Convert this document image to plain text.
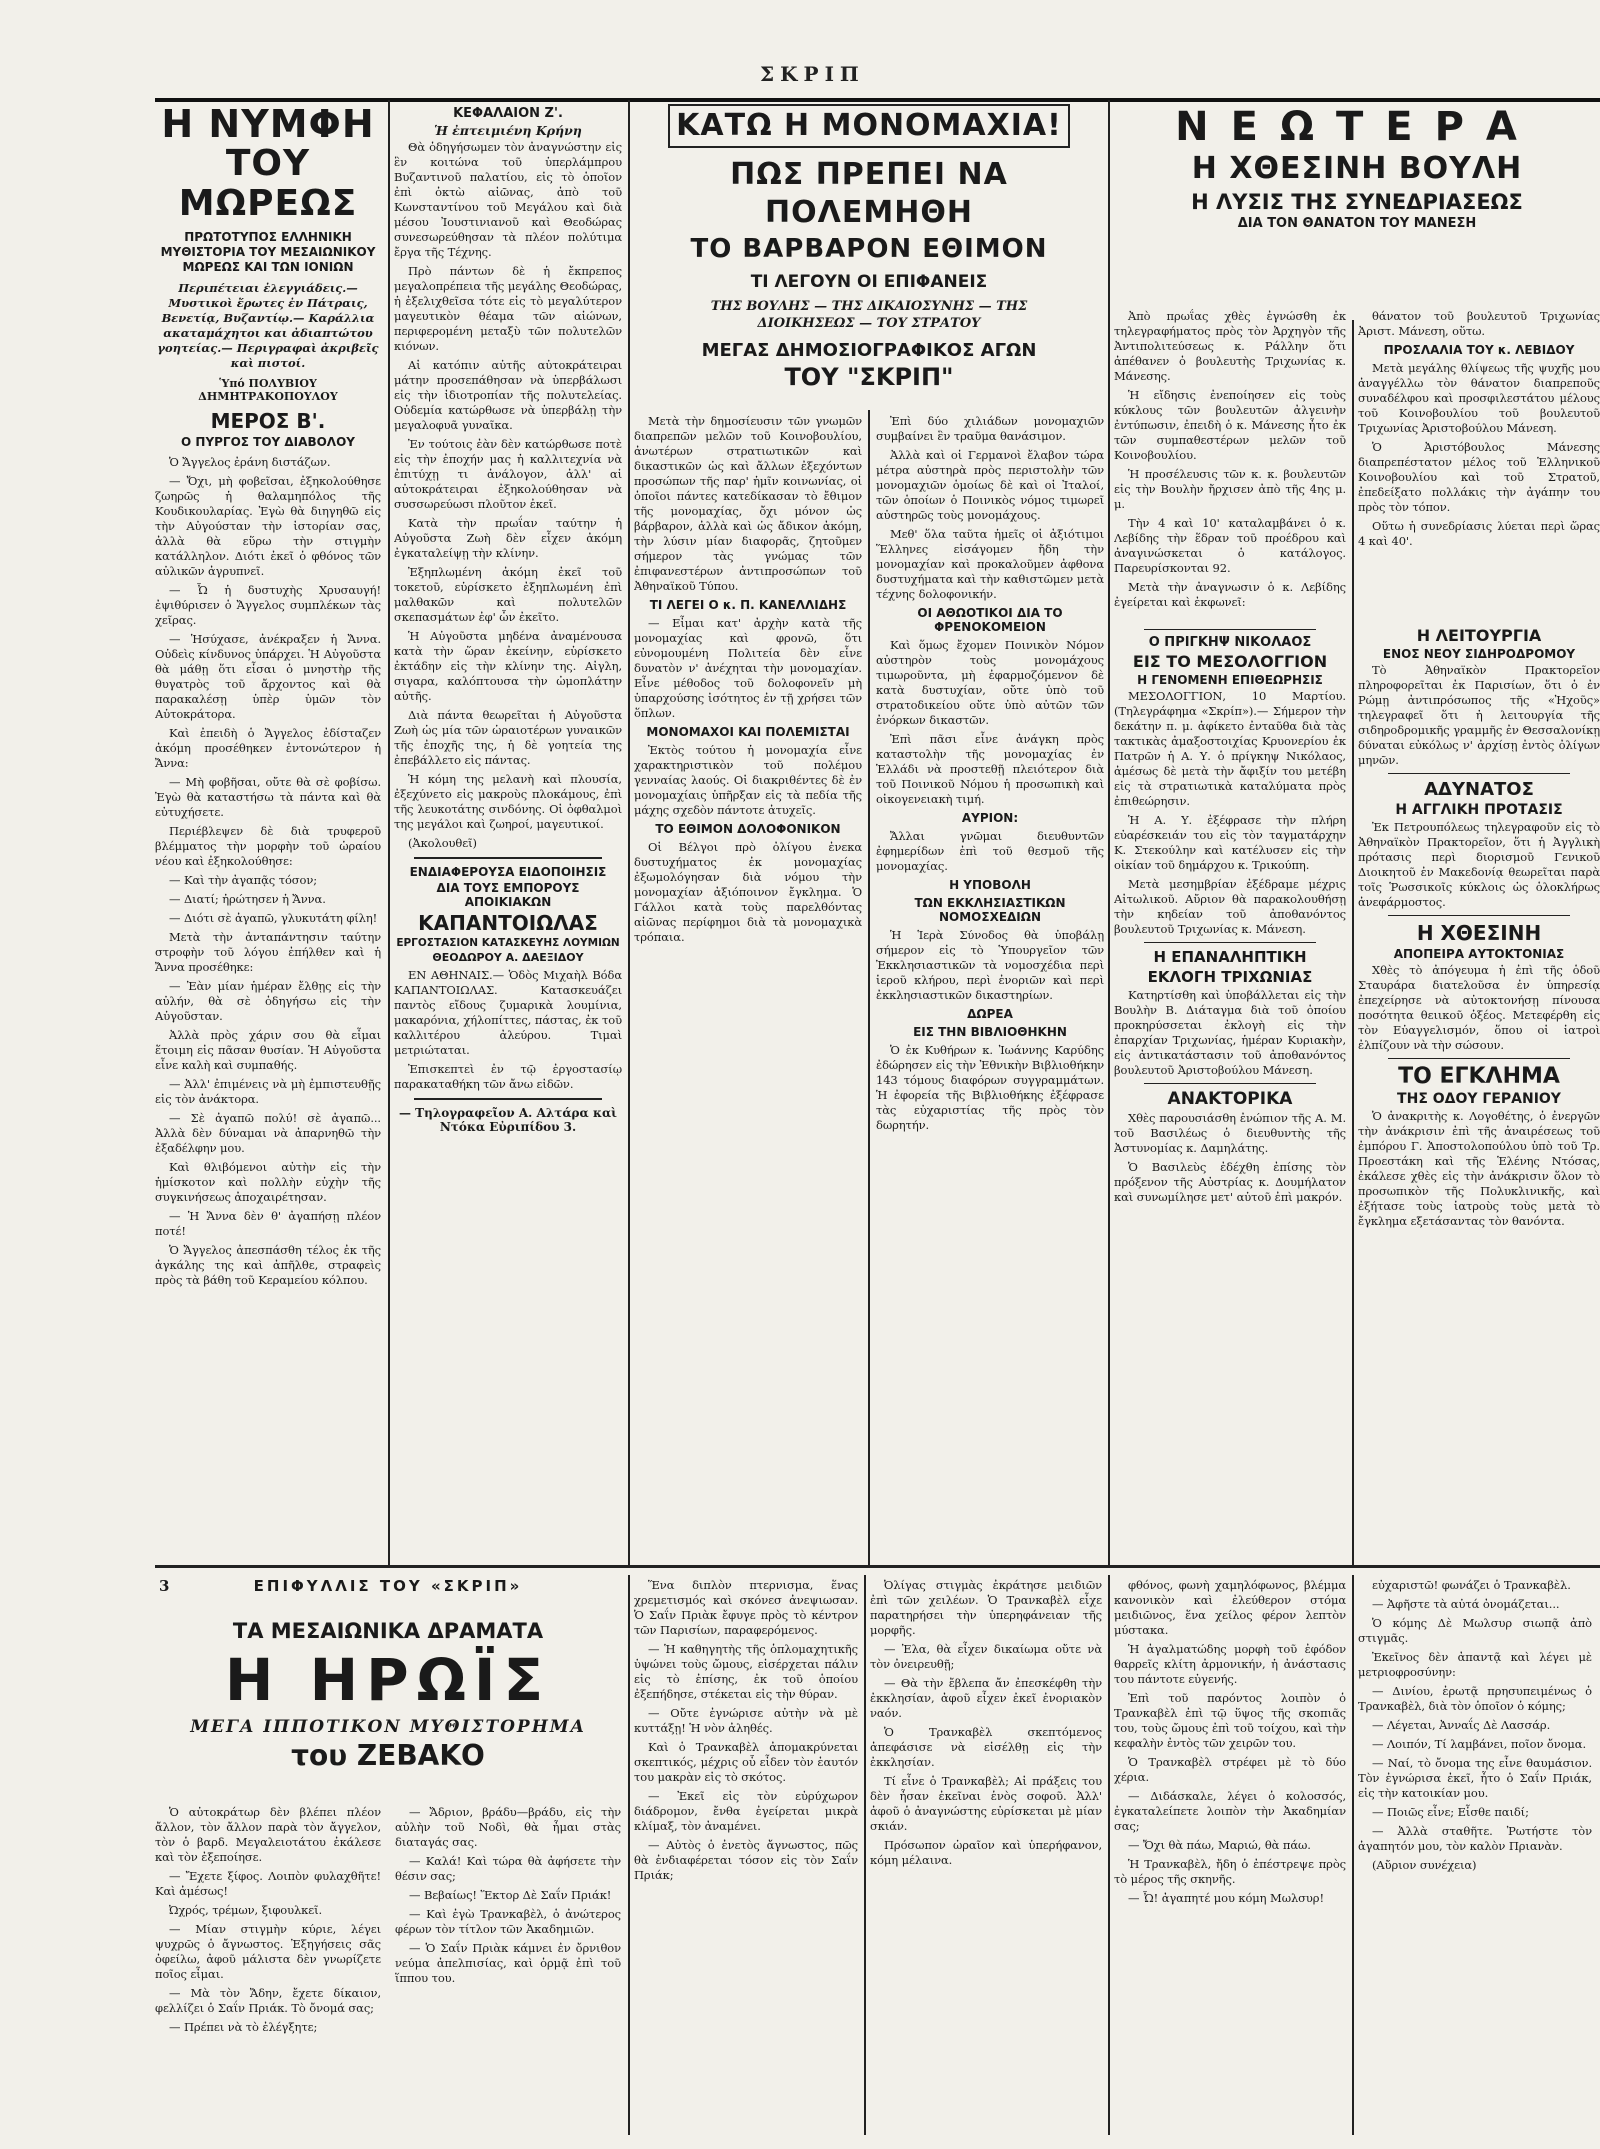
ΣΚΡΙΠ
Η ΝΥΜΦΗ
ΤΟΥ ΜΩΡΕΩΣ
ΠΡΩΤΟΤΥΠΟΣ ΕΛΛΗΝΙΚΗ ΜΥΘΙΣΤΟΡΙΑ ΤΟΥ ΜΕΣΑΙΩΝΙΚΟΥ ΜΩΡΕΩΣ ΚΑΙ ΤΩΝ ΙΟΝΙΩΝ
Περιπέτειαι ἐλεγγιάδεις.— Μυστικοὶ ἔρωτες ἐν Πάτραις, Βενετίᾳ, Βυζαντίῳ.— Καράλλια ακαταμάχητοι και ἀδιαπτώτου γοητείας.— Περιγραφαὶ ἀκριβεῖς καὶ πιστοί.
Ὑπό ΠΟΛΥΒΙΟΥ ΔΗΜΗΤΡΑΚΟΠΟΥΛΟΥ
ΜΕΡΟΣ Β'.
Ο ΠΥΡΓΟΣ ΤΟΥ ΔΙΑΒΟΛΟΥ

Ὁ Ἄγγελος ἐράνη διστάζων.

— Ὄχι, μὴ φοβεῖσαι, ἐξηκολούθησε ζωηρῶς ἡ θαλαμηπόλος τῆς Κουδικουλαρίας. Ἐγὼ θὰ διηγηθῶ εἰς τὴν Αὐγούσταν τὴν ἱστορίαν σας, ἀλλὰ θὰ εὕρω τὴν στιγμὴν κατάλληλον. Διότι ἐκεῖ ὁ φθόνος τῶν αὐλικῶν ἀγρυπνεῖ.

— Ὦ ἡ δυστυχὴς Χρυσαυγή! ἐψιθύρισεν ὁ Ἄγγελος συμπλέκων τὰς χεῖρας.

— Ἡσύχασε, ἀνέκραξεν ἡ Ἄννα. Οὐδεὶς κίνδυνος ὑπάρχει. Ἡ Αὐγοῦστα θὰ μάθῃ ὅτι εἶσαι ὁ μνηστὴρ τῆς θυγατρὸς τοῦ ἄρχοντος καὶ θὰ παρακαλέσῃ ὑπὲρ ὑμῶν τὸν Αὐτοκράτορα.

Καὶ ἐπειδὴ ὁ Ἄγγελος ἐδίσταζεν ἀκόμη προσέθηκεν ἐντονώτερον ἡ Ἄννα:

— Μὴ φοβῆσαι, οὔτε θὰ σὲ φοβίσω. Ἐγὼ θὰ καταστήσω τὰ πάντα καὶ θὰ εὐτυχήσετε.

Περιέβλεψεν δὲ διὰ τρυφεροῦ βλέμματος τὴν μορφὴν τοῦ ὡραίου νέου καὶ ἐξηκολούθησε:

— Καὶ τὴν ἀγαπᾷς τόσον;

— Διατί; ἠρώτησεν ἡ Ἄννα.

— Διότι σὲ ἀγαπῶ, γλυκυτάτη φίλη!

Μετὰ τὴν ἀνταπάντησιν ταύτην στροφὴν τοῦ λόγου ἐπήλθεν καὶ ἡ Ἄννα προσέθηκε:

— Ἐὰν μίαν ἡμέραν ἔλθῃς εἰς τὴν αὐλήν, θὰ σὲ ὁδηγήσω εἰς τὴν Αὐγοῦσταν.

Ἀλλὰ πρὸς χάριν σου θὰ εἶμαι ἕτοιμη εἰς πᾶσαν θυσίαν. Ἡ Αὐγοῦστα εἶνε καλὴ καὶ συμπαθής.

— Ἀλλ' ἐπιμένεις νὰ μὴ ἐμπιστευθῇς εἰς τὸν ἀνάκτορα.

— Σὲ ἀγαπῶ πολύ! σὲ ἀγαπῶ... Ἀλλὰ δὲν δύναμαι νὰ ἀπαρνηθῶ τὴν ἐξαδέλφην μου.

Καὶ θλιβόμενοι αὐτὴν εἰς τὴν ἡμίσκοτον καὶ πολλὴν εὐχὴν τῆς συγκινήσεως ἀποχαιρέτησαν.

— Ἡ Ἄννα δὲν θ' ἀγαπήσῃ πλέον ποτέ!

Ὁ Ἄγγελος ἀπεσπάσθη τέλος ἐκ τῆς ἀγκάλης της καὶ ἀπῆλθε, στραφεὶς πρὸς τὰ βάθη τοῦ Κεραμείου κόλπου.

ΚΕΦΑΛΑΙΟΝ Ζ'.
Ἡ ἐπτειμιένη Κρήνη

Θὰ ὁδηγήσωμεν τὸν ἀναγνώστην εἰς ἓν κοιτώνα τοῦ ὑπερλάμπρου Βυζαντινοῦ παλατίου, εἰς τὸ ὁποῖον ἐπὶ ὀκτὼ αἰῶνας, ἀπὸ τοῦ Κωνσταντίνου τοῦ Μεγάλου καὶ διὰ μέσου Ἰουστινιανοῦ καὶ Θεοδώρας συνεσωρεύθησαν τὰ πλέον πολύτιμα ἔργα τῆς Τέχνης.

Πρὸ πάντων δὲ ἡ ἔκπρεπος μεγαλοπρέπεια τῆς μεγάλης Θεοδώρας, ἡ ἐξελιχθεῖσα τότε εἰς τὸ μεγαλύτερον μαγευτικὸν θέαμα τῶν αἰώνων, περιφερομένη μεταξὺ τῶν πολυτελῶν κιόνων.

Αἱ κατόπιν αὐτῆς αὐτοκράτειραι μάτην προσεπάθησαν νὰ ὑπερβάλωσι εἰς τὴν ἰδιοτροπίαν τῆς πολυτελείας. Οὐδεμία κατώρθωσε νὰ ὑπερβάλῃ τὴν μεγαλοφυᾶ γυναῖκα.

Ἐν τούτοις ἐὰν δὲν κατώρθωσε ποτὲ εἰς τὴν ἐποχήν μας ἡ καλλιτεχνία νὰ ἐπιτύχῃ τι ἀνάλογον, ἀλλ' αἱ αὐτοκράτειραι ἐξηκολούθησαν νὰ συσσωρεύωσι πλοῦτον ἐκεῖ.

Κατὰ τὴν πρωΐαν ταύτην ἡ Αὐγοῦστα Ζωὴ δὲν εἶχεν ἀκόμη ἐγκαταλείψῃ τὴν κλίνην.

Ἐξηπλωμένη ἀκόμη ἐκεῖ τοῦ τοκετοῦ, εὑρίσκετο ἐξηπλωμένη ἐπὶ μαλθακῶν καὶ πολυτελῶν σκεπασμάτων ἐφ' ὧν ἐκεῖτο.

Ἡ Αὐγοῦστα μηδένα ἀναμένουσα κατὰ τὴν ὥραν ἐκείνην, εὑρίσκετο ἐκτάδην εἰς τὴν κλίνην της. Αἰγλη, σιγαρα, καλόπτουσα τὴν ὠμοπλάτην αὐτῆς.

Διὰ πάντα θεωρεῖται ἡ Αὐγοῦστα Ζωὴ ὡς μία τῶν ὡραιοτέρων γυναικῶν τῆς ἐποχῆς της, ἡ δὲ γοητεία της ἐπεβάλλετο εἰς πάντας.

Ἡ κόμη της μελανὴ καὶ πλουσία, ἐξεχύνετο εἰς μακροὺς πλοκάμους, ἐπὶ τῆς λευκοτάτης σινδόνης. Οἱ ὀφθαλμοὶ της μεγάλοι καὶ ζωηροί, μαγευτικοί.

(Ἀκολουθεῖ)

ΕΝΔΙΑΦΕΡΟΥΣΑ ΕΙΔΟΠΟΙΗΣΙΣ
ΔΙΑ ΤΟΥΣ ΕΜΠΟΡΟΥΣ ΑΠΟΙΚΙΑΚΩΝ
ΚΑΠΑΝΤΟΙΩΛΑΣ
ΕΡΓΟΣΤΑΣΙΟΝ ΚΑΤΑΣΚΕΥΗΣ ΛΟΥΜΙΩΝ
ΘΕΟΔΩΡΟΥ Α. ΔΑΕΞΙΔΟΥ

ΕΝ ΑΘΗΝΑΙΣ.— Ὁδὸς Μιχαὴλ Βόδα ΚΑΠΑΝΤΟΙΩΛΑΣ. Κατασκευάζει παντὸς εἴδους ζυμαρικὰ λουμίνια, μακαρόνια, χήλοπίττες, πάστας, ἐκ τοῦ καλλιτέρου ἀλεύρου. Τιμαὶ μετριώταται.

Ἐπισκεπτεὶ ἐν τῷ ἐργοστασίῳ παρακαταθήκη τῶν ἄνω εἰδῶν.

— Τηλογραφεῖον Α. Αλτάρα καὶ Ντόκα Εὐριπίδου 3.
ΚΑΤΩ Η ΜΟΝΟΜΑΧΙΑ!
ΠΩΣ ΠΡΕΠΕΙ ΝΑ ΠΟΛΕΜΗΘΗ
ΤΟ ΒΑΡΒΑΡΟΝ ΕΘΙΜΟΝ
ΤΙ ΛΕΓΟΥΝ ΟΙ ΕΠΙΦΑΝΕΙΣ
ΤΗΣ ΒΟΥΛΗΣ — ΤΗΣ ΔΙΚΑΙΟΣΥΝΗΣ — ΤΗΣ ΔΙΟΙΚΗΣΕΩΣ — ΤΟΥ ΣΤΡΑΤΟΥ
ΜΕΓΑΣ ΔΗΜΟΣΙΟΓΡΑΦΙΚΟΣ ΑΓΩΝ
ΤΟΥ "ΣΚΡΙΠ"

Μετὰ τὴν δημοσίευσιν τῶν γνωμῶν διαπρεπῶν μελῶν τοῦ Κοινοβουλίου, ἀνωτέρων στρατιωτικῶν καὶ δικαστικῶν ὡς καὶ ἄλλων ἐξεχόντων προσώπων τῆς παρ' ἡμῖν κοινωνίας, οἱ ὁποῖοι πάντες κατεδίκασαν τὸ ἔθιμον τῆς μονομαχίας, ὄχι μόνον ὡς βάρβαρον, ἀλλὰ καὶ ὡς ἄδικον ἀκόμη, τὴν λύσιν μίαν διαφορᾶς, ζητοῦμεν σήμερον τὰς γνώμας τῶν ἐπιφανεστέρων ἀντιπροσώπων τοῦ Ἀθηναϊκοῦ Τύπου.

ΤΙ ΛΕΓΕΙ Ο κ. Π. ΚΑΝΕΛΛΙΔΗΣ

— Εἶμαι κατ' ἀρχὴν κατὰ τῆς μονομαχίας καὶ φρονῶ, ὅτι εὐνομουμένη Πολιτεία δὲν εἶνε δυνατὸν ν' ἀνέχηται τὴν μονομαχίαν. Εἶνε μέθοδος τοῦ δολοφονεῖν μὴ ὑπαρχούσης ἰσότητος ἐν τῇ χρήσει τῶν ὅπλων.

ΜΟΝΟΜΑΧΟΙ ΚΑΙ ΠΟΛΕΜΙΣΤΑΙ

Ἐκτὸς τούτου ἡ μονομαχία εἶνε χαρακτηριστικὸν τοῦ πολέμου γενναίας λαούς. Οἱ διακριθέντες δὲ ἐν μονομαχίαις ὑπῆρξαν εἰς τὰ πεδία τῆς μάχης σχεδὸν πάντοτε ἀτυχεῖς.

ΤΟ ΕΘΙΜΟΝ ΔΟΛΟΦΟΝΙΚΟΝ

Οἱ Βέλγοι πρὸ ὀλίγου ἐνεκα δυστυχήματος ἐκ μονομαχίας ἐξωμολόγησαν διὰ νόμου τὴν μονομαχίαν ἀξιόποινον ἔγκλημα. Ὁ Γάλλοι κατὰ τοὺς παρελθόντας αἰῶνας περίφημοι διὰ τὰ μονομαχικὰ τρόπαια.

Ἐπὶ δύο χιλιάδων μονομαχιῶν συμβαίνει ἓν τραῦμα θανάσιμον.

Ἀλλὰ καὶ οἱ Γερμανοὶ ἔλαβον τώρα μέτρα αὐστηρὰ πρὸς περιστολὴν τῶν μονομαχιῶν ὁμοίως δὲ καὶ οἱ Ἰταλοί, τῶν ὁποίων ὁ Ποινικὸς νόμος τιμωρεῖ αὐστηρῶς τοὺς μονομάχους.

Μεθ' ὅλα ταῦτα ἡμεῖς οἱ ἀξιότιμοι Ἕλληνες εἰσάγομεν ἤδη τὴν μονομαχίαν καὶ προκαλοῦμεν ἀφθονα δυστυχήματα καὶ τὴν καθιστῶμεν μετὰ τέχνης δολοφονικήν.

ΟΙ ΑΘΩΟΤΙΚΟΙ ΔΙΑ ΤΟ ΦΡΕΝΟΚΟΜΕΙΟΝ

Καὶ ὅμως ἔχομεν Ποινικὸν Νόμον αὐστηρὸν τοὺς μονομάχους τιμωροῦντα, μὴ ἐφαρμοζόμενον δὲ κατὰ δυστυχίαν, οὔτε ὑπὸ τοῦ στρατοδικείου οὔτε ὑπὸ αὐτῶν τῶν ἐνόρκων δικαστῶν.

Ἐπὶ πᾶσι εἶνε ἀνάγκη πρὸς καταστολὴν τῆς μονομαχίας ἐν Ἑλλάδι νὰ προστεθῇ πλειότερον διὰ τοῦ Ποινικοῦ Νόμου ἡ προσωπικὴ καὶ οἰκογενειακὴ τιμή.

ΑΥΡΙΟΝ:

Ἄλλαι γνῶμαι διευθυντῶν ἐφημερίδων ἐπὶ τοῦ θεσμοῦ τῆς μονομαχίας.

Η ΥΠΟΒΟΛΗ
ΤΩΝ ΕΚΚΛΗΣΙΑΣΤΙΚΩΝ ΝΟΜΟΣΧΕΔΙΩΝ

Ἡ Ἱερὰ Σύνοδος θὰ ὑποβάλῃ σήμερον εἰς τὸ Ὑπουργεῖον τῶν Ἐκκλησιαστικῶν τὰ νομοσχέδια περὶ ἱεροῦ κλήρου, περὶ ἐνοριῶν καὶ περὶ ἐκκλησιαστικῶν δικαστηρίων.

ΔΩΡΕΑ
ΕΙΣ ΤΗΝ ΒΙΒΛΙΟΘΗΚΗΝ

Ὁ ἐκ Κυθήρων κ. Ἰωάννης Καρύδης ἐδώρησεν εἰς τὴν Ἐθνικὴν Βιβλιοθήκην 143 τόμους διαφόρων συγγραμμάτων. Ἡ ἐφορεία τῆς Βιβλιοθήκης ἐξέφρασε τὰς εὐχαριστίας τῆς πρὸς τὸν δωρητήν.

ΝΕΩΤΕΡΑ
Η ΧΘΕΣΙΝΗ ΒΟΥΛΗ
Η ΛΥΣΙΣ ΤΗΣ ΣΥΝΕΔΡΙΑΣΕΩΣ
ΔΙΑ ΤΟΝ ΘΑΝΑΤΟΝ ΤΟΥ ΜΑΝΕΣΗ

Ἀπὸ πρωΐας χθὲς ἐγνώσθη ἐκ τηλεγραφήματος πρὸς τὸν Ἀρχηγὸν τῆς Ἀντιπολιτεύσεως κ. Ράλλην ὅτι ἀπέθανεν ὁ βουλευτὴς Τριχωνίας κ. Μάνεσης.

Ἡ εἴδησις ἐνεποίησεν εἰς τοὺς κύκλους τῶν βουλευτῶν ἀλγεινὴν ἐντύπωσιν, ἐπειδὴ ὁ κ. Μάνεσης ἦτο ἐκ τῶν συμπαθεστέρων μελῶν τοῦ Κοινοβουλίου.

Ἡ προσέλευσις τῶν κ. κ. βουλευτῶν εἰς τὴν Βουλὴν ἤρχισεν ἀπὸ τῆς 4ης μ. μ.

Τὴν 4 καὶ 10' καταλαμβάνει ὁ κ. Λεβίδης τὴν ἕδραν τοῦ προέδρου καὶ ἀναγινώσκεται ὁ κατάλογος. Παρευρίσκονται 92.

Μετὰ τὴν ἀναγνωσιν ὁ κ. Λεβίδης ἐγείρεται καὶ ἐκφωνεῖ:

θάνατον τοῦ βουλευτοῦ Τριχωνίας Ἀριστ. Μάνεση, οὕτω.

ΠΡΟΣΛΑΛΙΑ ΤΟΥ κ. ΛΕΒΙΔΟΥ

Μετὰ μεγάλης θλίψεως τῆς ψυχῆς μου ἀναγγέλλω τὸν θάνατον διαπρεποῦς συναδέλφου καὶ προσφιλεστάτου μέλους τοῦ Κοινοβουλίου τοῦ βουλευτοῦ Τριχωνίας Ἀριστοβούλου Μάνεση.

Ὁ Ἀριστόβουλος Μάνεσης διαπρεπέστατον μέλος τοῦ Ἑλληνικοῦ Κοινοβουλίου καὶ τοῦ Στρατοῦ, ἐπεδείξατο πολλάκις τὴν ἀγάπην του πρὸς τὸν τόπον.

Οὕτω ἡ συνεδρίασις λύεται περὶ ὥρας 4 καὶ 40'.

Ο ΠΡΙΓΚΗΨ ΝΙΚΟΛΑΟΣ
ΕΙΣ ΤΟ ΜΕΣΟΛΟΓΓΙΟΝ
Η ΓΕΝΟΜΕΝΗ ΕΠΙΘΕΩΡΗΣΙΣ

ΜΕΣΟΛΟΓΓΙΟΝ, 10 Μαρτίου. (Τηλεγράφημα «Σκρίπ»).— Σήμερον τὴν δεκάτην π. μ. ἀφίκετο ἐνταῦθα διὰ τὰς τακτικὰς ἀμαξοστοιχίας Κρυονερίου ἐκ Πατρῶν ἡ Α. Υ. ὁ πρίγκηψ Νικόλαος, ἀμέσως δὲ μετὰ τὴν ἄφιξίν του μετέβη εἰς τὰ στρατιωτικὰ καταλύματα πρὸς ἐπιθεώρησιν.

Ἡ Α. Υ. ἐξέφρασε τὴν πλήρη εὐαρέσκειάν του εἰς τὸν ταγματάρχην Κ. Στεκούλην καὶ κατέλυσεν εἰς τὴν οἰκίαν τοῦ δημάρχου κ. Τρικούπη.

Μετὰ μεσημβρίαν ἐξέδραμε μέχρις Αἰτωλικοῦ. Αὔριον θὰ παρακολουθήσῃ τὴν κηδείαν τοῦ ἀποθανόντος βουλευτοῦ Τριχωνίας κ. Μάνεση.

Η ΕΠΑΝΑΛΗΠΤΙΚΗ
ΕΚΛΟΓΗ ΤΡΙΧΩΝΙΑΣ

Κατηρτίσθη καὶ ὑποβάλλεται εἰς τὴν Βουλὴν Β. Διάταγμα διὰ τοῦ ὁποίου προκηρύσσεται ἐκλογὴ εἰς τὴν ἐπαρχίαν Τριχωνίας, ἡμέραν Κυριακὴν, εἰς ἀντικατάστασιν τοῦ ἀποθανόντος βουλευτοῦ Ἀριστοβούλου Μάνεση.

ΑΝΑΚΤΟΡΙΚΑ

Χθὲς παρουσιάσθη ἐνώπιον τῆς Α. Μ. τοῦ Βασιλέως ὁ διευθυντὴς τῆς Ἀστυνομίας κ. Δαμηλάτης.

Ὁ Βασιλεὺς ἐδέχθη ἐπίσης τὸν πρόξενον τῆς Αὐστρίας κ. Δουμήλατον καὶ συνωμίλησε μετ' αὐτοῦ ἐπὶ μακρόν.

Η ΛΕΙΤΟΥΡΓΙΑ
ΕΝΟΣ ΝΕΟΥ ΣΙΔΗΡΟΔΡΟΜΟΥ

Τὸ Ἀθηναϊκὸν Πρακτορεῖον πληροφορεῖται ἐκ Παρισίων, ὅτι ὁ ἐν Ρώμῃ ἀντιπρόσωπος τῆς «Ἠχοῦς» τηλεγραφεῖ ὅτι ἡ λειτουργία τῆς σιδηροδρομικῆς γραμμῆς ἐν Θεσσαλονίκῃ δύναται εὐκόλως ν' ἀρχίσῃ ἐντὸς ὀλίγων μηνῶν.

ΑΔΥΝΑΤΟΣ
Η ΑΓΓΛΙΚΗ ΠΡΟΤΑΣΙΣ

Ἐκ Πετρουπόλεως τηλεγραφοῦν εἰς τὸ Ἀθηναϊκὸν Πρακτορεῖον, ὅτι ἡ Ἀγγλικὴ πρότασις περὶ διορισμοῦ Γενικοῦ Διοικητοῦ ἐν Μακεδονίᾳ θεωρεῖται παρὰ τοῖς Ῥωσσικοῖς κύκλοις ὡς ὁλοκλήρως ἀνεφάρμοστος.

Η ΧΘΕΣΙΝΗ
ΑΠΟΠΕΙΡΑ ΑΥΤΟΚΤΟΝΙΑΣ

Χθὲς τὸ ἀπόγευμα ἡ ἐπὶ τῆς ὁδοῦ Σταυράρα διατελοῦσα ἐν ὑπηρεσίᾳ ἐπεχείρησε νὰ αὐτοκτονήσῃ πίνουσα ποσότητα θειικοῦ ὀξέος. Μετεφέρθη εἰς τὸν Εὐαγγελισμόν, ὅπου οἱ ἰατροὶ ἐλπίζουν νὰ τὴν σώσουν.

ΤΟ ΕΓΚΛΗΜΑ
ΤΗΣ ΟΔΟΥ ΓΕΡΑΝΙΟΥ

Ὁ ἀνακριτὴς κ. Λογοθέτης, ὁ ἐνεργῶν τὴν ἀνάκρισιν ἐπὶ τῆς ἀναιρέσεως τοῦ ἐμπόρου Γ. Ἀποστολοπούλου ὑπὸ τοῦ Τρ. Προεστάκη καὶ τῆς Ἑλένης Ντόσας, ἐκάλεσε χθὲς εἰς τὴν ἀνάκρισιν ὅλον τὸ προσωπικὸν τῆς Πολυκλινικῆς, καὶ ἐξήτασε τοὺς ἰατροὺς τοὺς μετὰ τὸ ἔγκλημα εξετάσαντας τὸν θανόντα.

3	ΕΠΙΦΥΛΛΙΣ ΤΟΥ «ΣΚΡΙΠ»
ΤΑ ΜΕΣΑΙΩΝΙΚΑ ΔΡΑΜΑΤΑ
Η ΗΡΩΪΣ
ΜΕΓΑ ΙΠΠΟΤΙΚΟΝ ΜΥΘΙΣΤΟΡΗΜΑ
του ΖΕΒΑΚΟ

Ὁ αὐτοκράτωρ δὲν βλέπει πλέον ἄλλον, τὸν ἄλλον παρὰ τὸν ἄγγελον, τὸν ὁ βαρδ. Μεγαλειοτάτου ἐκάλεσε καὶ τὸν ἐξεποίησε.

— Ἔχετε ξίφος. Λοιπὸν φυλαχθῆτε! Καὶ ἀμέσως!

Ὠχρός, τρέμων, ξιφουλκεῖ.

— Μίαν στιγμὴν κύριε, λέγει ψυχρῶς ὁ ἄγνωστος. Ἐξηγήσεις σᾶς ὀφείλω, ἀφοῦ μάλιστα δὲν γνωρίζετε ποῖος εἶμαι.

— Μὰ τὸν Ἄδην, ἔχετε δίκαιον, φελλίζει ὁ Σαΐν Πριάκ. Τὸ ὄνομά σας;

— Πρέπει νὰ τὸ ἐλέγξητε;

— Ἄδριον, βράδυ—βράδυ, εἰς τὴν αὐλὴν τοῦ Νοδὶ, θὰ ἦμαι στὰς διαταγάς σας.

— Καλά! Καὶ τώρα θὰ ἀφήσετε τὴν θέσιν σας;

— Βεβαίως! Ἕκτορ Δὲ Σαΐν Πριάκ!

— Καὶ ἐγὼ Τρανκαβὲλ, ὁ ἀνώτερος φέρων τὸν τίτλον τῶν Ἀκαδημιῶν.

— Ὁ Σαΐν Πριὰκ κάμνει ἐν ὄρνιθον νεύμα ἀπελπισίας, καὶ ὁρμᾷ ἐπὶ τοῦ ἵππου του.

Ἕνα διπλὸν πτερνισμα, ἕνας χρεμετισμός καὶ σκόνεσ ἀνεψιωσαν. Ὁ Σαΐν Πριὰκ ἔφυγε πρὸς τὸ κέντρον τῶν Παρισίων, παραφερόμενος.

— Ἡ καθηγητὴς τῆς ὁπλομαχητικῆς ὑψώνει τοὺς ὤμους, εἰσέρχεται πάλιν εἰς τὸ ἐπίσης, ἐκ τοῦ ὁποίου ἐξεπήδησε, στέκεται εἰς τὴν θύραν.

— Οὔτε ἐγνώρισε αὐτὴν νὰ μὲ κυττάξῃ! Ἡ νὸν ἀληθές.

Καὶ ὁ Τρανκαβὲλ ἀπομακρύνεται σκεπτικός, μέχρις οὗ εἶδεν τὸν ἑαυτόν του μακρὰν εἰς τὸ σκότος.

— Ἐκεῖ εἰς τὸν εὐρύχωρον διάδρομον, ἔνθα ἐγείρεται μικρὰ κλίμαξ, τὸν ἀναμένει.

— Αὐτὸς ὁ ἐνετὸς ἄγνωστος, πῶς θὰ ἐνδιαφέρεται τόσον εἰς τὸν Σαΐν Πριάκ;

Ὀλίγας στιγμὰς ἐκράτησε μειδιῶν ἐπὶ τῶν χειλέων. Ὁ Τρανκαβὲλ εἶχε παρατηρήσει τὴν ὑπερηφάνειαν τῆς μορφῆς.

— Ἐλα, θὰ εἶχεν δικαίωμα οὔτε νὰ τὸν ὀνειρευθῇ;

— Θὰ τὴν ἔβλεπα ἄν ἐπεσκέφθη τὴν ἐκκλησίαν, ἀφοῦ εἶχεν ἐκεῖ ἐνοριακὸν ναόν.

Ὁ Τρανκαβὲλ σκεπτόμενος ἀπεφάσισε νὰ εἰσέλθῃ εἰς τὴν ἐκκλησίαν.

Τί εἶνε ὁ Τρανκαβὲλ; Αἱ πράξεις του δὲν ἦσαν ἐκεῖναι ἑνὸς σοφοῦ. Ἀλλ' ἀφοῦ ὁ ἀναγνώστης εὑρίσκεται μὲ μίαν σκιάν.

Πρόσωπον ὡραῖον καὶ ὑπερήφανον, κόμη μέλαινα.

φθόνος, φωνὴ χαμηλόφωνος, βλέμμα κανονικὸν καὶ ἐλεύθερον στόμα μειδιῶνος, ἕνα χείλος φέρον λεπτὸν μύστακα.

Ἡ ἀγαλματώδης μορφὴ τοῦ ἐφόδον θαρρεῖς κλίτη ἀρμονικήν, ἡ ἀνάστασις του πάντοτε εὐγενής.

Ἐπὶ τοῦ παρόντος λοιπὸν ὁ Τρανκαβὲλ ἐπὶ τῷ ὕψος τῆς σκοπιᾶς του, τοὺς ὤμους ἐπὶ τοῦ τοίχου, καὶ τὴν κεφαλὴν ἐντὸς τῶν χειρῶν του.

Ὁ Τρανκαβὲλ στρέφει μὲ τὸ δύο χέρια.

— Διδάσκαλε, λέγει ὁ κολοσσός, ἐγκαταλείπετε λοιπὸν τὴν Ἀκαδημίαν σας;

— Ὄχι θὰ πάω, Μαριώ, θὰ πάω.

Ἡ Τρανκαβὲλ, ἤδη ὁ ἐπέστρεψε πρὸς τὸ μέρος τῆς σκηνῆς.

— Ὦ! ἀγαπητέ μου κόμη Μωλσυρ!

εὐχαριστῶ! φωνάζει ὁ Τρανκαβὲλ.

— Ἀφῆστε τὰ αὐτά ὀνομάζεται...

Ὁ κόμης Δὲ Μωλσυρ σιωπᾷ ἀπὸ στιγμᾶς.

Ἐκεῖνος δὲν ἀπαντᾷ καὶ λέγει μὲ μετριοφροσύνην:

— Δινίου, ἐρωτᾷ πρησυπειμένως ὁ Τρανκαβὲλ, διὰ τὸν ὁποῖον ὁ κόμης;

— Λέγεται, Ἀνναΐς Δὲ Λασσάρ.

— Λοιπόν, Τί λαμβάνει, ποῖον ὄνομα.

— Ναί, τὸ ὄνομα της εἶνε θαυμάσιον. Τὸν ἐγνώρισα ἐκεῖ, ἦτο ὁ Σαΐν Πριάκ, εἰς τὴν κατοικίαν μου.

— Ποιῶς εἶνε; Εἶσθε παιδί;

— Ἀλλὰ σταθῆτε. Ῥωτήστε τὸν ἀγαπητόν μου, τὸν καλὸν Πριανὰν.

(Αὔριον συνέχεια)
